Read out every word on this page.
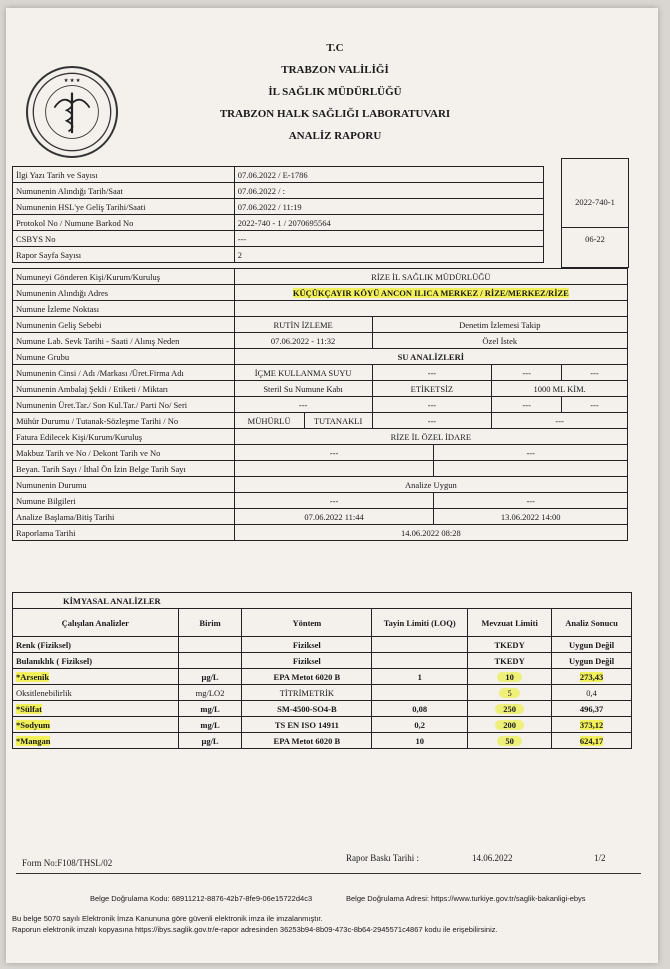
★ ★ ★
T.C
TRABZON VALİLİĞİ
İL SAĞLIK MÜDÜRLÜĞÜ
TRABZON HALK SAĞLIĞI LABORATUVARI
ANALİZ RAPORU
2022-740-1
06-22
İlgi Yazı Tarih ve Sayısı	07.06.2022 / E-1786
Numunenin Alındığı Tarih/Saat	07.06.2022 / :
Numunenin HSL'ye Geliş Tarihi/Saati	07.06.2022 / 11:19
Protokol No / Numune Barkod No	2022-740 - 1 / 2070695564
CSBYS No	---
Rapor Sayfa Sayısı	2
Numuneyi Gönderen Kişi/Kurum/Kuruluş	RİZE İL SAĞLIK MÜDÜRLÜĞÜ					
Numunenin Alındığı Adres	KÜÇÜKÇAYIR KÖYÜ ANCON ILICA MERKEZ / RİZE/MERKEZ/RİZE					
Numune İzleme Noktası						
Numunenin Geliş Sebebi	RUTİN İZLEME		Denetim İzlemesi Takip			
Numune Lab. Sevk Tarihi - Saati / Alınış Neden	07.06.2022 - 11:32		Özel İstek			
Numune Grubu	SU ANALİZLERİ					
Numunenin Cinsi / Adı /Markası /Üret.Firma Adı	İÇME KULLANMA SUYU		---		---	---
Numunenin Ambalaj Şekli / Etiketi / Miktarı	Steril Su Numune Kabı		ETİKETSİZ		1000 ML KİM.	
Numunenin Üret.Tar./ Son Kul.Tar./ Parti No/ Seri	---		---		---	---
Mühür Durumu / Tutanak-Sözleşme Tarihi / No	MÜHÜRLÜ	TUTANAKLI	---		---	
Fatura Edilecek Kişi/Kurum/Kuruluş	RİZE İL ÖZEL İDARE					
Makbuz Tarih ve No / Dekont Tarih ve No	---			---		
Beyan. Tarih Sayı / İthal Ön İzin Belge Tarih Sayı						
Numunenin Durumu	Analize Uygun					
Numune Bilgileri	---			---		
Analize Başlama/Bitiş Tarihi	07.06.2022 11:44			13.06.2022 14:00		
Raporlama Tarihi	14.06.2022 08:28					
KİMYASAL ANALİZLER					
Çalışılan Analizler	Birim	Yöntem	Tayin Limiti (LOQ)	Mevzuat Limiti	Analiz Sonucu
Renk (Fiziksel)		Fiziksel		TKEDY	Uygun Değil
Bulanıklık ( Fiziksel)		Fiziksel		TKEDY	Uygun Değil
*Arsenik	μg/L	EPA Metot 6020 B	1	10	273,43
Oksitlenebilirlik	mg/LO2	TİTRİMETRİK		5	0,4
*Sülfat	mg/L	SM-4500-SO4-B	0,08	250	496,37
*Sodyum	mg/L	TS EN ISO 14911	0,2	200	373,12
*Mangan	μg/L	EPA Metot 6020 B	10	50	624,17
Form No:F108/THSL/02	Rapor Baskı Tarihi :	14.06.2022	1/2
Belge Doğrulama Kodu: 68911212-8876-42b7-8fe9-06e15722d4c3	Belge Doğrulama Adresi: https://www.turkiye.gov.tr/saglik-bakanligi-ebys
Bu belge 5070 sayılı Elektronik İmza Kanununa göre güvenli elektronik imza ile imzalanmıştır.
Raporun elektronik imzalı kopyasına https://ibys.saglik.gov.tr/e-rapor adresinden 36253b94-8b09-473c-8b64-2945571c4867 kodu ile erişebilirsiniz.
